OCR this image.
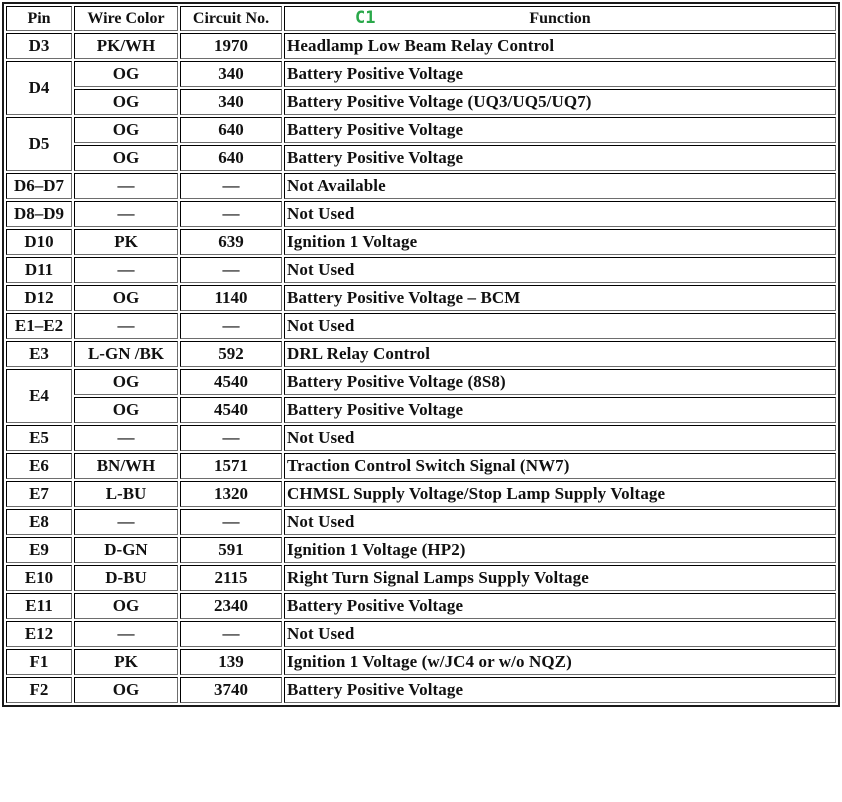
Pin	Wire Color	Circuit No.	C1 Function
D3	PK/WH	1970	Headlamp Low Beam Relay Control
D4	OG	340	Battery Positive Voltage
	OG	340	Battery Positive Voltage (UQ3/UQ5/UQ7)
D5	OG	640	Battery Positive Voltage
	OG	640	Battery Positive Voltage
D6–D7	—	—	Not Available
D8–D9	—	—	Not Used
D10	PK	639	Ignition 1 Voltage
D11	—	—	Not Used
D12	OG	1140	Battery Positive Voltage – BCM
E1–E2	—	—	Not Used
E3	L-GN /BK	592	DRL Relay Control
E4	OG	4540	Battery Positive Voltage (8S8)
	OG	4540	Battery Positive Voltage
E5	—	—	Not Used
E6	BN/WH	1571	Traction Control Switch Signal (NW7)
E7	L-BU	1320	CHMSL Supply Voltage/Stop Lamp Supply Voltage
E8	—	—	Not Used
E9	D-GN	591	Ignition 1 Voltage (HP2)
E10	D-BU	2115	Right Turn Signal Lamps Supply Voltage
E11	OG	2340	Battery Positive Voltage
E12	—	—	Not Used
F1	PK	139	Ignition 1 Voltage (w/JC4 or w/o NQZ)
F2	OG	3740	Battery Positive Voltage
